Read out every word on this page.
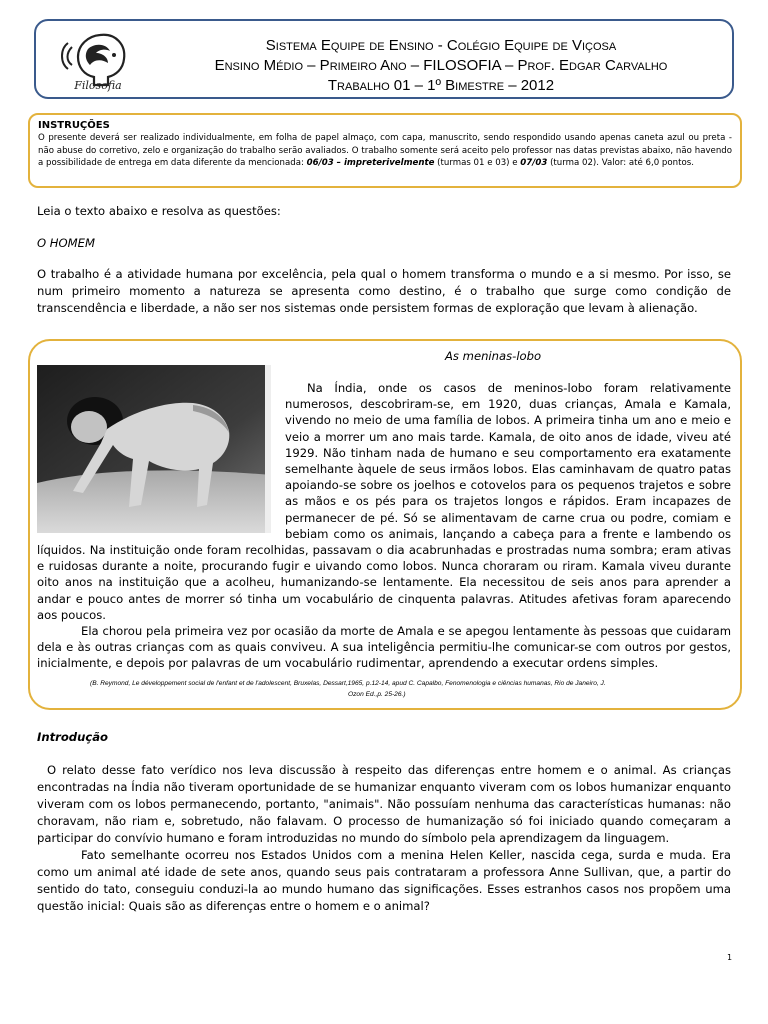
Filosofia
Sistema Equipe de Ensino - Colégio Equipe de Viçosa
Ensino Médio – Primeiro Ano – FILOSOFIA – Prof. Edgar Carvalho
Trabalho 01 – 1º Bimestre – 2012
INSTRUÇÕES
O presente deverá ser realizado individualmente, em folha de papel almaço, com capa, manuscrito, sendo respondido usando apenas caneta azul ou preta - não abuse do corretivo, zelo e organização do trabalho serão avaliados. O trabalho somente será aceito pelo professor nas datas previstas abaixo, não havendo a possibilidade de entrega em data diferente da mencionada: 06/03 – impreterivelmente (turmas 01 e 03) e 07/03 (turma 02). Valor: até 6,0 pontos.
Leia o texto abaixo e resolva as questões:
O HOMEM
O trabalho é a atividade humana por excelência, pela qual o homem transforma o mundo e a si mesmo. Por isso, se num primeiro momento a natureza se apresenta como destino, é o trabalho que surge como condição de transcendência e liberdade, a não ser nos sistemas onde persistem formas de exploração que levam à alienação.
As meninas-lobo

Na Índia, onde os casos de meninos-lobo foram relativamente numerosos, descobriram-se, em 1920, duas crianças, Amala e Kamala, vivendo no meio de uma família de lobos. A primeira tinha um ano e meio e veio a morrer um ano mais tarde. Kamala, de oito anos de idade, viveu até 1929. Não tinham nada de humano e seu comportamento era exatamente semelhante àquele de seus irmãos lobos. Elas caminhavam de quatro patas apoiando-se sobre os joelhos e cotovelos para os pequenos trajetos e sobre as mãos e os pés para os trajetos longos e rápidos. Eram incapazes de permanecer de pé. Só se alimentavam de carne crua ou podre, comiam e bebiam como os animais, lançando a cabeça para a frente e lambendo os líquidos. Na instituição onde foram recolhidas, passavam o dia acabrunhadas e prostradas numa sombra; eram ativas e ruidosas durante a noite, procurando fugir e uivando como lobos. Nunca choraram ou riram. Kamala viveu durante oito anos na instituição que a acolheu, humanizando-se lentamente. Ela necessitou de seis anos para aprender a andar e pouco antes de morrer só tinha um vocabulário de cinquenta palavras. Atitudes afetivas foram aparecendo aos poucos.

Ela chorou pela primeira vez por ocasião da morte de Amala e se apegou lentamente às pessoas que cuidaram dela e às outras crianças com as quais conviveu. A sua inteligência permitiu-lhe comunicar-se com outros por gestos, inicialmente, e depois por palavras de um vocabulário rudimentar, aprendendo a executar ordens simples.

(B. Reymond, Le développement social de l'enfant et de l'adolescent, Bruxelas, Dessart,1965, p.12-14, apud C. Capalbo, Fenomenologia e ciências humanas, Rio de Janeiro, J.
Ozon Ed.,p. 25-26.)
Introdução
O relato desse fato verídico nos leva discussão à respeito das diferenças entre homem e o animal. As crianças encontradas na Índia não tiveram oportunidade de se humanizar enquanto viveram com os lobos humanizar enquanto viveram com os lobos permanecendo, portanto, "animais". Não possuíam nenhuma das características humanas: não choravam, não riam e, sobretudo, não falavam. O processo de humanização só foi iniciado quando começaram a participar do convívio humano e foram introduzidas no mundo do símbolo pela aprendizagem da linguagem.
Fato semelhante ocorreu nos Estados Unidos com a menina Helen Keller, nascida cega, surda e muda. Era como um animal até idade de sete anos, quando seus pais contrataram a professora Anne Sullivan, que, a partir do sentido do tato, conseguiu conduzi-la ao mundo humano das significações. Esses estranhos casos nos propõem uma questão inicial: Quais são as diferenças entre o homem e o animal?
1
